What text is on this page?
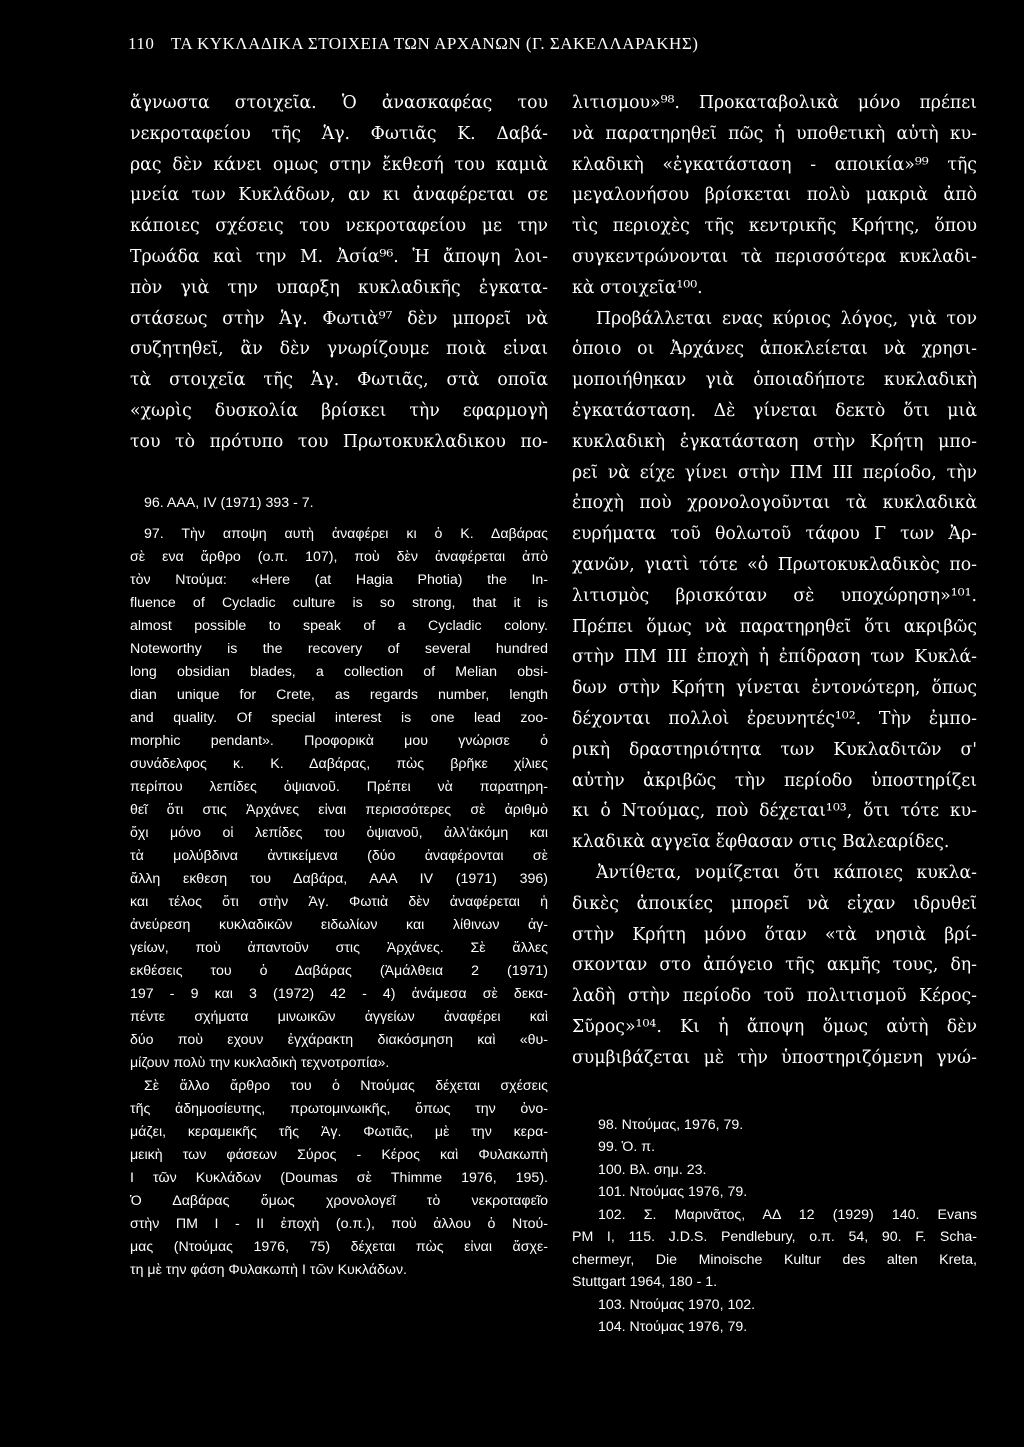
110 ΤΑ ΚΥΚΛΑΔΙΚΑ ΣΤΟΙΧΕΙΑ ΤΩΝ ΑΡΧΑΝΩΝ (Γ. ΣΑΚΕΛΛΑΡΑΚΗΣ)

ἄγνωστα στοιχεῖα. Ὁ ἀνασκαφέας του

νεκροταφείου τῆς Ἁγ. Φωτιᾶς Κ. Δαβά-

ρας δὲν κάνει ομως στην ἔκθεσή του καμιὰ

μνεία των Κυκλάδων, αν κι ἀναφέρεται σε

κάποιες σχέσεις του νεκροταφείου με την

Τρωάδα καὶ την Μ. Ἀσία⁹⁶. Ἡ ἄποψη λοι-

πὸν γιὰ την υπαρξη κυκλαδικῆς ἐγκατα-

στάσεως στὴν Ἁγ. Φωτιὰ⁹⁷ δὲν μπορεῖ νὰ

συζητηθεῖ, ἂν δὲν γνωρίζουμε ποιὰ εἰναι

τὰ στοιχεῖα τῆς Ἁγ. Φωτιᾶς, στὰ οποῖα

«χωρὶς δυσκολία βρίσκει τὴν εφαρμογὴ

του τὸ πρότυπο του Πρωτοκυκλαδικου πο-

96. ΑΑΑ, IV (1971) 393 - 7.

97. Τὴν αποψη αυτὴ ἀναφέρει κι ὁ Κ. Δαβάρας

σὲ ενα ἄρθρο (ο.π. 107), ποὺ δὲν ἀναφέρεται ἀπὸ

τὸν Ντούμα: «Here (at Hagia Photia) the In-

fluence of Cycladic culture is so strong, that it is

almost possible to speak of a Cycladic colony.

Noteworthy is the recovery of several hundred

long obsidian blades, a collection of Melian obsi-

dian unique for Crete, as regards number, length

and quality. Of special interest is one lead zoo-

morphic pendant». Προφορικὰ μου γνώρισε ὁ

συνάδελφος κ. Κ. Δαβάρας, πὼς βρῆκε χίλιες

περίπου λεπίδες ὀψιανοῦ. Πρέπει νὰ παρατηρη-

θεῖ ὅτι στις Ἀρχάνες εἰναι περισσότερες σὲ ἀριθμὸ

ὄχι μόνο οἱ λεπίδες του ὀψιανοῦ, ἀλλ'ἀκόμη και

τὰ μολύβδινα ἀντικείμενα (δύο ἀναφέρονται σὲ

ἄλλη εκθεση του Δαβάρα, ΑΑΑ IV (1971) 396)

και τέλος ὅτι στὴν Ἁγ. Φωτιὰ δὲν ἀναφέρεται ἡ

ἀνεύρεση κυκλαδικῶν ειδωλίων και λίθινων ἀγ-

γείων, ποὺ ἀπαντοῦν στις Ἀρχάνες. Σὲ ἄλλες

εκθέσεις του ὁ Δαβάρας (Ἀμάλθεια 2 (1971)

197 - 9 και 3 (1972) 42 - 4) ἀνάμεσα σὲ δεκα-

πέντε σχήματα μινωικῶν ἀγγείων ἀναφέρει καὶ

δύο ποὺ εχουν ἐγχάρακτη διακόσμηση καὶ «θυ-

μίζουν πολὺ την κυκλαδικὴ τεχνοτροπία».

Σὲ ἄλλο ἄρθρο του ὁ Ντούμας δέχεται σχέσεις

τῆς ἀδημοσίευτης, πρωτομινωικῆς, ὅπως την ὀνο-

μάζει, κεραμεικῆς τῆς Ἁγ. Φωτιᾶς, μὲ την κερα-

μεικὴ των φάσεων Σύρος - Κέρος καὶ Φυλακωπὴ

Ι τῶν Κυκλάδων (Doumas σὲ Thimme 1976, 195).

Ὁ Δαβάρας ὅμως χρονολογεῖ τὸ νεκροταφεῖο

στὴν ΠΜ Ι - ΙΙ ἐποχὴ (ο.π.), ποὺ ἀλλου ὁ Ντού-

μας (Ντούμας 1976, 75) δέχεται πὼς εἰναι ἄσχε-

τη μὲ την φάση Φυλακωπὴ Ι τῶν Κυκλάδων.

λιτισμου»⁹⁸. Προκαταβολικὰ μόνο πρέπει

νὰ παρατηρηθεῖ πῶς ἡ υποθετικὴ αὐτὴ κυ-

κλαδικὴ «ἐγκατάσταση - αποικία»⁹⁹ τῆς

μεγαλονήσου βρίσκεται πολὺ μακριὰ ἀπὸ

τὶς περιοχὲς τῆς κεντρικῆς Κρήτης, ὅπου

συγκεντρώνονται τὰ περισσότερα κυκλαδι-

κὰ στοιχεῖα¹⁰⁰.

Προβάλλεται ενας κύριος λόγος, γιὰ τον

ὁποιο οι Ἀρχάνες ἀποκλείεται νὰ χρησι-

μοποιήθηκαν γιὰ ὁποιαδήποτε κυκλαδικὴ

ἐγκατάσταση. Δὲ γίνεται δεκτὸ ὅτι μιὰ

κυκλαδικὴ ἐγκατάσταση στὴν Κρήτη μπο-

ρεῖ νὰ είχε γίνει στὴν ΠΜ ΙΙΙ περίοδο, τὴν

ἐποχὴ ποὺ χρονολογοῦνται τὰ κυκλαδικὰ

ευρήματα τοῦ θολωτοῦ τάφου Γ των Ἀρ-

χανῶν, γιατὶ τότε «ὁ Πρωτοκυκλαδικὸς πο-

λιτισμὸς βρισκόταν σὲ υποχώρηση»¹⁰¹.

Πρέπει ὅμως νὰ παρατηρηθεῖ ὅτι ακριβῶς

στὴν ΠΜ ΙΙΙ ἐποχὴ ἡ ἐπίδραση των Κυκλά-

δων στὴν Κρήτη γίνεται ἐντονώτερη, ὅπως

δέχονται πολλοὶ ἐρευνητές¹⁰². Τὴν ἐμπο-

ρικὴ δραστηριότητα των Κυκλαδιτῶν σ'

αὐτὴν ἀκριβῶς τὴν περίοδο ὑποστηρίζει

κι ὁ Ντούμας, ποὺ δέχεται¹⁰³, ὅτι τότε κυ-

κλαδικὰ αγγεῖα ἔφθασαν στις Βαλεαρίδες.

Ἀντίθετα, νομίζεται ὅτι κάποιες κυκλα-

δικὲς ἀποικίες μπορεῖ νὰ εἰχαν ιδρυθεῖ

στὴν Κρήτη μόνο ὅταν «τὰ νησιὰ βρί-

σκονταν στο ἀπόγειο τῆς ακμῆς τους, δη-

λαδὴ στὴν περίοδο τοῦ πολιτισμοῦ Κέρος-

Σῦρος»¹⁰⁴. Κι ἡ ἄποψη ὅμως αὐτὴ δὲν

συμβιβάζεται μὲ τὴν ὑποστηριζόμενη γνώ-

98. Ντούμας, 1976, 79.

99. Ὁ. π.

100. Βλ. σημ. 23.

101. Ντούμας 1976, 79.

102. Σ. Μαρινᾶτος, ΑΔ 12 (1929) 140. Evans

PM I, 115. J.D.S. Pendlebury, ο.π. 54, 90. F. Scha-

chermeyr, Die Minoische Kultur des alten Kreta,

Stuttgart 1964, 180 - 1.

103. Ντούμας 1970, 102.

104. Ντούμας 1976, 79.
